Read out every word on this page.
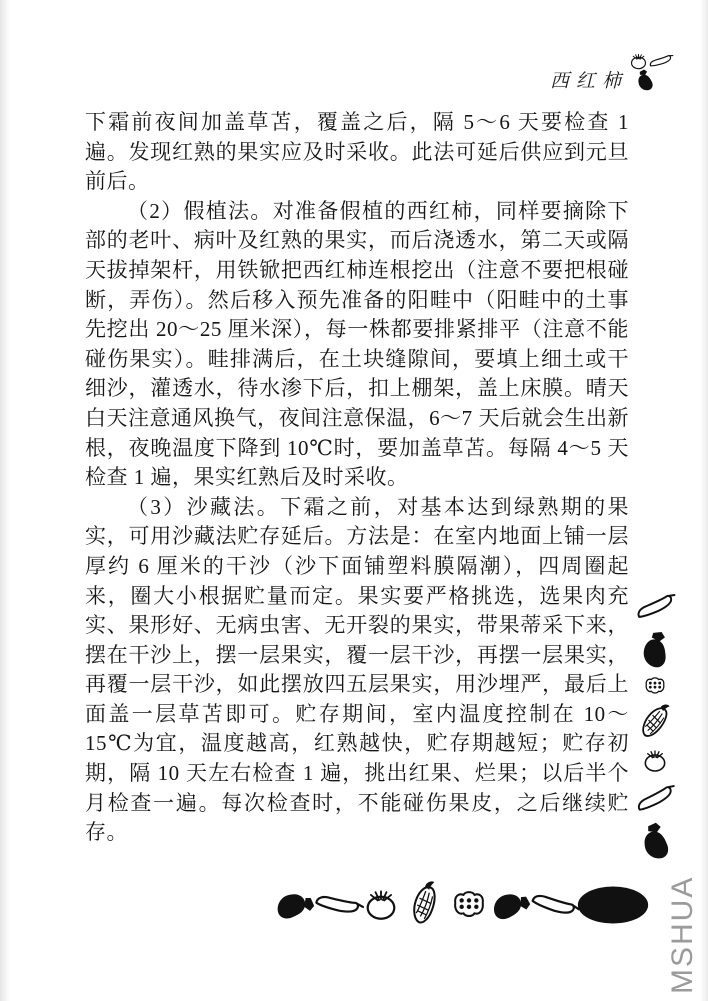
西红柿

下霜前夜间加盖草苫，覆盖之后，隔 5～6 天要检查 1 遍。发现红熟的果实应及时采收。此法可延后供应到元旦前后。

（2）假植法。对准备假植的西红柿，同样要摘除下部的老叶、病叶及红熟的果实，而后浇透水，第二天或隔天拔掉架杆，用铁锨把西红柿连根挖出（注意不要把根碰断，弄伤）。然后移入预先准备的阳畦中（阳畦中的土事先挖出 20～25 厘米深），每一株都要排紧排平（注意不能碰伤果实）。畦排满后，在土块缝隙间，要填上细土或干细沙，灌透水，待水渗下后，扣上棚架，盖上床膜。晴天白天注意通风换气，夜间注意保温，6～7 天后就会生出新根，夜晚温度下降到 10℃时，要加盖草苫。每隔 4～5 天检查 1 遍，果实红熟后及时采收。

（3）沙藏法。下霜之前，对基本达到绿熟期的果实，可用沙藏法贮存延后。方法是：在室内地面上铺一层厚约 6 厘米的干沙（沙下面铺塑料膜隔潮），四周圈起来，圈大小根据贮量而定。果实要严格挑选，选果肉充实、果形好、无病虫害、无开裂的果实，带果蒂采下来，摆在干沙上，摆一层果实，覆一层干沙，再摆一层果实，再覆一层干沙，如此摆放四五层果实，用沙埋严，最后上面盖一层草苫即可。贮存期间，室内温度控制在 10～15℃为宜，温度越高，红熟越快，贮存期越短；贮存初期，隔 10 天左右检查 1 遍，挑出红果、烂果；以后半个月检查一遍。每次检查时，不能碰伤果皮，之后继续贮存。

MSHUA
